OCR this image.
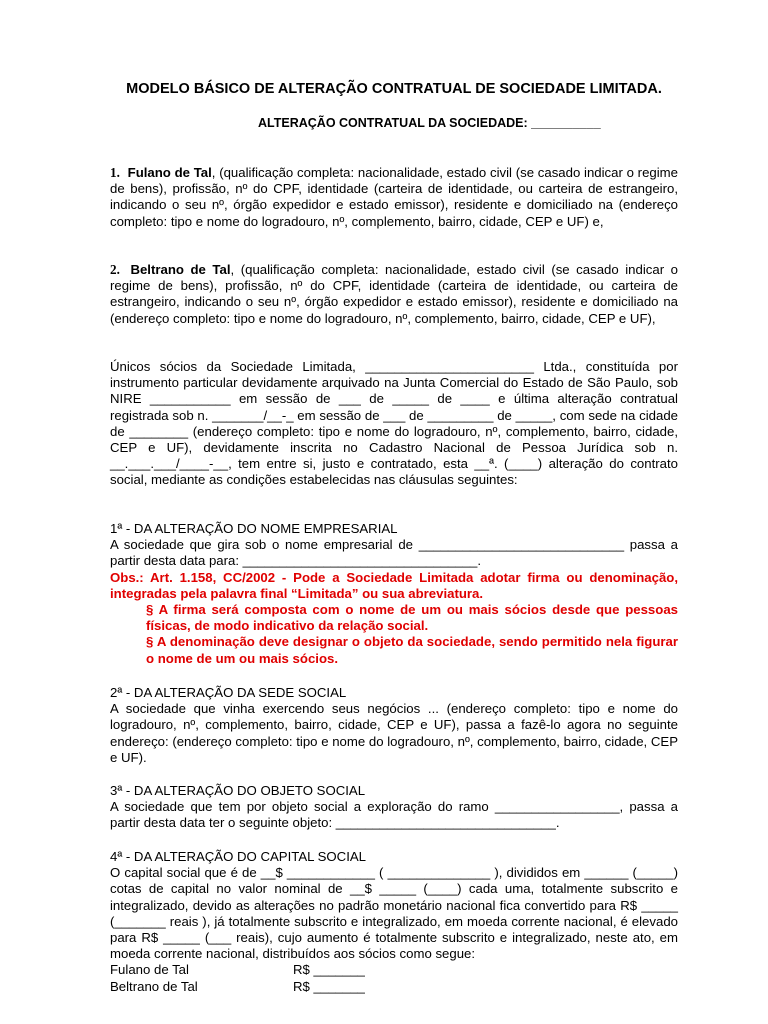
MODELO BÁSICO DE ALTERAÇÃO CONTRATUAL DE SOCIEDADE LIMITADA.
ALTERAÇÃO CONTRATUAL DA SOCIEDADE: __________

1. Fulano de Tal, (qualificação completa: nacionalidade, estado civil (se casado indicar o regime de bens), profissão, nº do CPF, identidade (carteira de identidade, ou carteira de estrangeiro, indicando o seu nº, órgão expedidor e estado emissor), residente e domiciliado na (endereço completo: tipo e nome do logradouro, nº, complemento, bairro, cidade, CEP e UF) e,

2. Beltrano de Tal, (qualificação completa: nacionalidade, estado civil (se casado indicar o regime de bens), profissão, nº do CPF, identidade (carteira de identidade, ou carteira de estrangeiro, indicando o seu nº, órgão expedidor e estado emissor), residente e domiciliado na (endereço completo: tipo e nome do logradouro, nº, complemento, bairro, cidade, CEP e UF),

Únicos sócios da Sociedade Limitada, _______________________ Ltda., constituída por instrumento particular devidamente arquivado na Junta Comercial do Estado de São Paulo, sob NIRE ___________ em sessão de ___ de _____ de ____ e última alteração contratual registrada sob n. _______/__-_ em sessão de ___ de _________ de _____, com sede na cidade de ________ (endereço completo: tipo e nome do logradouro, nº, complemento, bairro, cidade, CEP e UF), devidamente inscrita no Cadastro Nacional de Pessoa Jurídica sob n. __.___.___/____-__, tem entre si, justo e contratado, esta __ª. (____) alteração do contrato social, mediante as condições estabelecidas nas cláusulas seguintes:

1ª - DA ALTERAÇÃO DO NOME EMPRESARIAL

A sociedade que gira sob o nome empresarial de ____________________________ passa a partir desta data para: ________________________________.

Obs.: Art. 1.158, CC/2002 - Pode a Sociedade Limitada adotar firma ou denominação, integradas pela palavra final “Limitada” ou sua abreviatura.

§ A firma será composta com o nome de um ou mais sócios desde que pessoas físicas, de modo indicativo da relação social.

§ A denominação deve designar o objeto da sociedade, sendo permitido nela figurar o nome de um ou mais sócios.

2ª - DA ALTERAÇÃO DA SEDE SOCIAL

A sociedade que vinha exercendo seus negócios ... (endereço completo: tipo e nome do logradouro, nº, complemento, bairro, cidade, CEP e UF), passa a fazê-lo agora no seguinte endereço: (endereço completo: tipo e nome do logradouro, nº, complemento, bairro, cidade, CEP e UF).

3ª - DA ALTERAÇÃO DO OBJETO SOCIAL

A sociedade que tem por objeto social a exploração do ramo _________________, passa a partir desta data ter o seguinte objeto: ______________________________.

4ª - DA ALTERAÇÃO DO CAPITAL SOCIAL

O capital social que é de __$ ____________ ( ______________ ), divididos em ______ (_____) cotas de capital no valor nominal de __$ _____ (____) cada uma, totalmente subscrito e integralizado, devido as alterações no padrão monetário nacional fica convertido para R$ _____ (_______ reais ), já totalmente subscrito e integralizado, em moeda corrente nacional, é elevado para R$ _____ (___ reais), cujo aumento é totalmente subscrito e integralizado, neste ato, em moeda corrente nacional, distribuídos aos sócios como segue:

Fulano de Tal	R$ _______
Beltrano de Tal	R$ _______
